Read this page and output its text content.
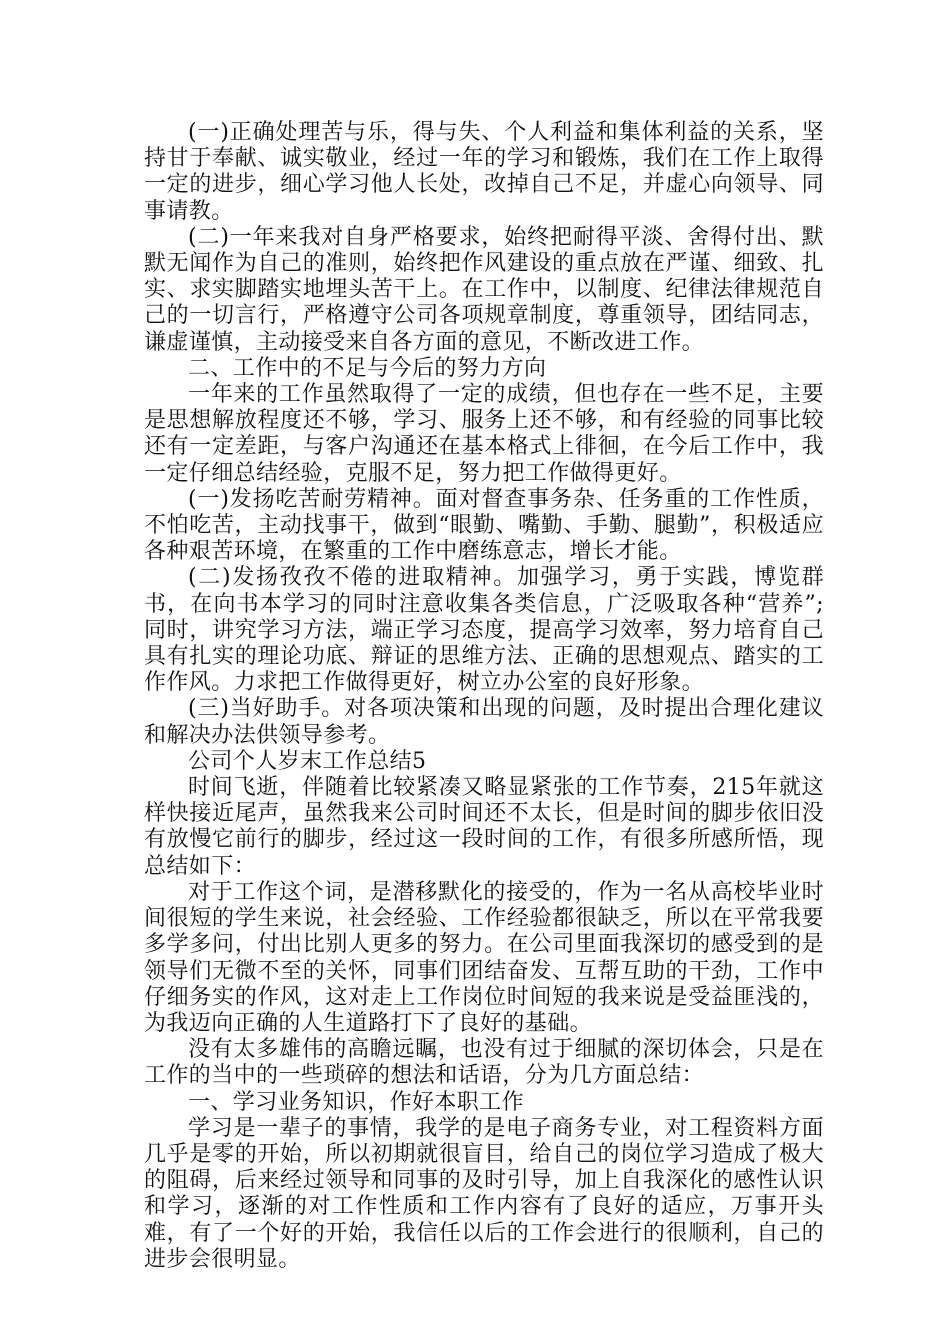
(一)正确处理苦与乐，得与失、个人利益和集体利益的关系，坚持甘于奉献、诚实敬业，经过一年的学习和锻炼，我们在工作上取得一定的进步，细心学习他人长处，改掉自己不足，并虚心向领导、同事请教。

(二)一年来我对自身严格要求，始终把耐得平淡、舍得付出、默默无闻作为自己的准则，始终把作风建设的重点放在严谨、细致、扎实、求实脚踏实地埋头苦干上。在工作中，以制度、纪律法律规范自己的一切言行，严格遵守公司各项规章制度，尊重领导，团结同志，谦虚谨慎，主动接受来自各方面的意见，不断改进工作。

二、工作中的不足与今后的努力方向

一年来的工作虽然取得了一定的成绩，但也存在一些不足，主要是思想解放程度还不够，学习、服务上还不够，和有经验的同事比较还有一定差距，与客户沟通还在基本格式上徘徊，在今后工作中，我一定仔细总结经验，克服不足，努力把工作做得更好。

(一)发扬吃苦耐劳精神。面对督查事务杂、任务重的工作性质，不怕吃苦，主动找事干，做到“眼勤、嘴勤、手勤、腿勤”，积极适应各种艰苦环境，在繁重的工作中磨练意志，增长才能。

(二)发扬孜孜不倦的进取精神。加强学习，勇于实践，博览群书，在向书本学习的同时注意收集各类信息，广泛吸取各种“营养”;同时，讲究学习方法，端正学习态度，提高学习效率，努力培育自己具有扎实的理论功底、辩证的思维方法、正确的思想观点、踏实的工作作风。力求把工作做得更好，树立办公室的良好形象。

(三)当好助手。对各项决策和出现的问题，及时提出合理化建议和解决办法供领导参考。

公司个人岁末工作总结5

时间飞逝，伴随着比较紧凑又略显紧张的工作节奏，215年就这样快接近尾声，虽然我来公司时间还不太长，但是时间的脚步依旧没有放慢它前行的脚步，经过这一段时间的工作，有很多所感所悟，现总结如下：

对于工作这个词，是潜移默化的接受的，作为一名从高校毕业时间很短的学生来说，社会经验、工作经验都很缺乏，所以在平常我要多学多问，付出比别人更多的努力。在公司里面我深切的感受到的是领导们无微不至的关怀，同事们团结奋发、互帮互助的干劲，工作中仔细务实的作风，这对走上工作岗位时间短的我来说是受益匪浅的，为我迈向正确的人生道路打下了良好的基础。

没有太多雄伟的高瞻远瞩，也没有过于细腻的深切体会，只是在工作的当中的一些琐碎的想法和话语，分为几方面总结：

一、学习业务知识，作好本职工作

学习是一辈子的事情，我学的是电子商务专业，对工程资料方面几乎是零的开始，所以初期就很盲目，给自己的岗位学习造成了极大的阻碍，后来经过领导和同事的及时引导，加上自我深化的感性认识和学习，逐渐的对工作性质和工作内容有了良好的适应，万事开头难，有了一个好的开始，我信任以后的工作会进行的很顺利，自己的进步会很明显。
